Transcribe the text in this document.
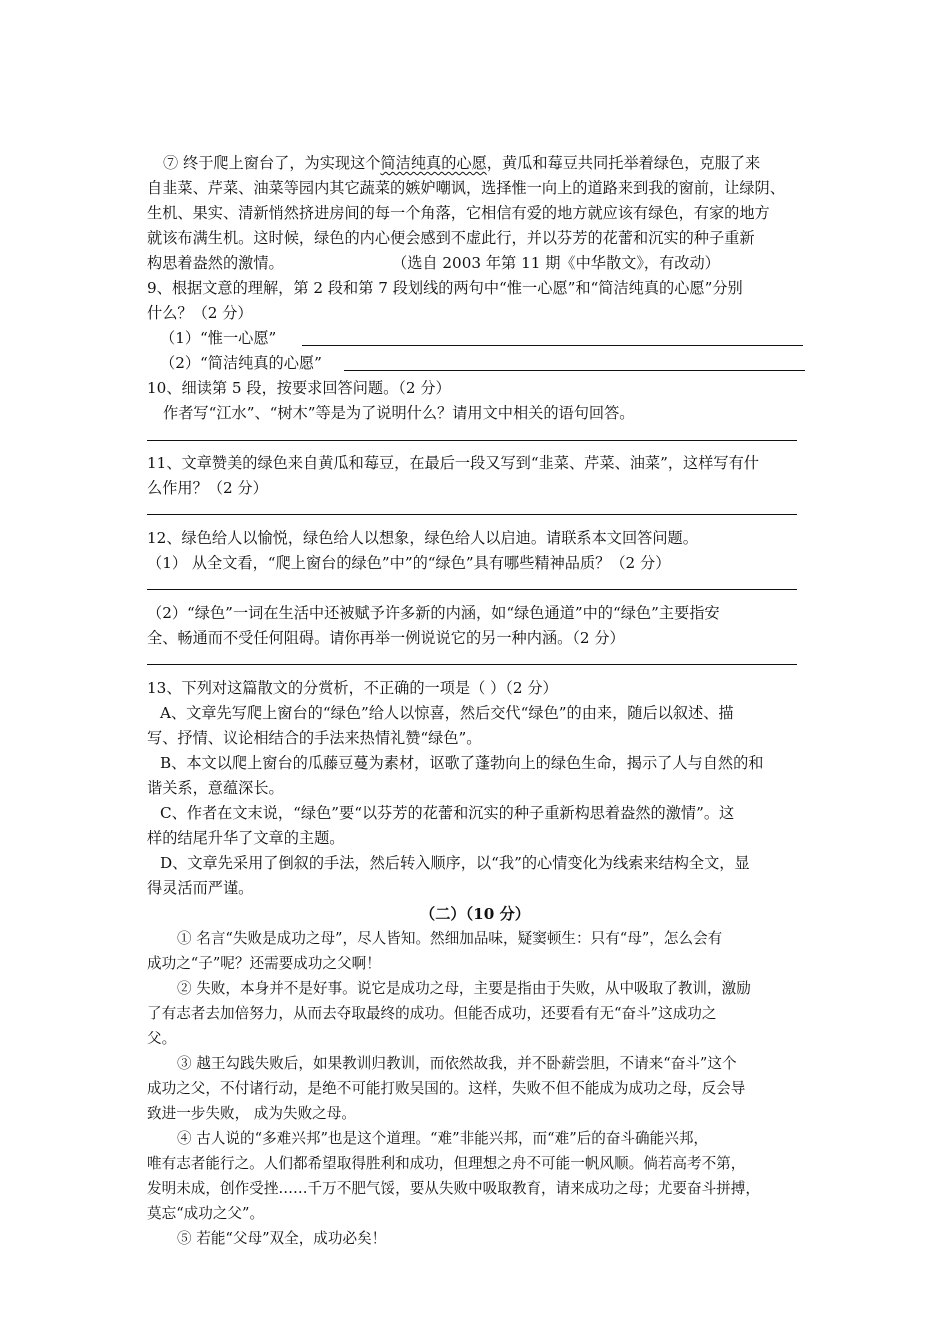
⑦ 终于爬上窗台了，为实现这个简洁纯真的心愿，黄瓜和莓豆共同托举着绿色，克服了来
自韭菜、芹菜、油菜等园内其它蔬菜的嫉妒嘲讽，选择惟一向上的道路来到我的窗前，让绿阴、
生机、果实、清新悄然挤进房间的每一个角落，它相信有爱的地方就应该有绿色，有家的地方
就该布满生机。这时候，绿色的内心便会感到不虚此行，并以芬芳的花蕾和沉实的种子重新
构思着盎然的激情。	（选自 2003 年第 11 期《中华散文》，有改动）
9、根据文意的理解，第 2 段和第 7 段划线的两句中“惟一心愿”和“简洁纯真的心愿”分别
什么？（2 分）
（1）“惟一心愿”
（2）“简洁纯真的心愿”
10、细读第 5 段，按要求回答问题。（2 分）
作者写“江水”、“树木”等是为了说明什么？请用文中相关的语句回答。
11、文章赞美的绿色来自黄瓜和莓豆，在最后一段又写到“韭菜、芹菜、油菜”，这样写有什
么作用？（2 分）
12、绿色给人以愉悦，绿色给人以想象，绿色给人以启迪。请联系本文回答问题。
（1） 从全文看，“爬上窗台的绿色”中”的“绿色”具有哪些精神品质？（2 分）
（2）“绿色”一词在生活中还被赋予许多新的内涵，如“绿色通道”中的“绿色”主要指安
全、畅通而不受任何阻碍。请你再举一例说说它的另一种内涵。（2 分）
13、下列对这篇散文的分赏析，不正确的一项是（ ）（2 分）
A、文章先写爬上窗台的“绿色”给人以惊喜，然后交代“绿色”的由来，随后以叙述、描
写、抒情、议论相结合的手法来热情礼赞“绿色”。
B、本文以爬上窗台的瓜藤豆蔓为素材，讴歌了蓬勃向上的绿色生命，揭示了人与自然的和
谐关系，意蕴深长。
C、作者在文末说，“绿色”要“以芬芳的花蕾和沉实的种子重新构思着盎然的激情”。这
样的结尾升华了文章的主题。
D、文章先采用了倒叙的手法，然后转入顺序，以“我”的心情变化为线索来结构全文，显
得灵活而严谨。
（二）（10 分）
① 名言“失败是成功之母”，尽人皆知。然细加品味，疑窦顿生：只有“母”，怎么会有
成功之“子”呢？还需要成功之父啊！
② 失败，本身并不是好事。说它是成功之母，主要是指由于失败，从中吸取了教训，激励
了有志者去加倍努力，从而去夺取最终的成功。但能否成功，还要看有无“奋斗”这成功之
父。
③ 越王勾践失败后，如果教训归教训，而依然故我，并不卧薪尝胆，不请来“奋斗”这个
成功之父，不付诸行动，是绝不可能打败吴国的。这样，失败不但不能成为成功之母，反会导
致进一步失败， 成为失败之母。
④ 古人说的“多难兴邦”也是这个道理。“难”非能兴邦，而“难”后的奋斗确能兴邦，
唯有志者能行之。人们都希望取得胜利和成功，但理想之舟不可能一帆风顺。倘若高考不第，
发明未成，创作受挫……千万不肥气馁，要从失败中吸取教育，请来成功之母；尤要奋斗拼搏，
莫忘“成功之父”。
⑤ 若能“父母”双全，成功必矣！
